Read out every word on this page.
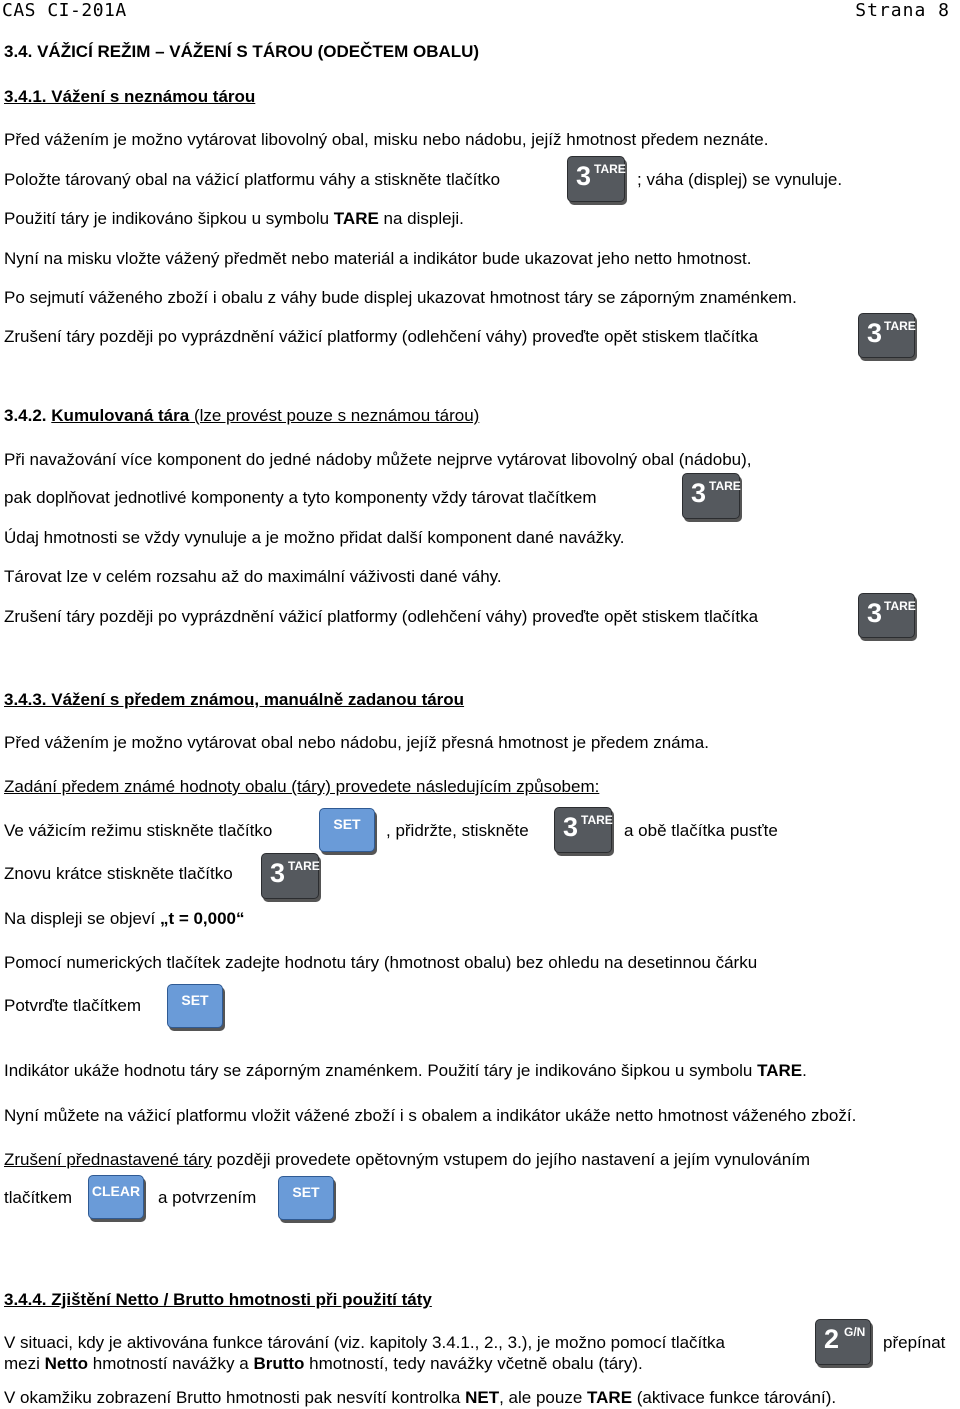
CAS CI-201A	Strana 8
3.4. VÁŽICÍ REŽIM – VÁŽENÍ S TÁROU (ODEČTEM OBALU)
3.4.1. Vážení s neznámou tárou
Před vážením je možno vytárovat libovolný obal, misku nebo nádobu, jejíž hmotnost předem neznáte.
Položte tárovaný obal na vážicí platformu váhy a stiskněte tlačítko	3 TARE
; váha (displej) se vynuluje.
Použití táry je indikováno šipkou u symbolu TARE na displeji.
Nyní na misku vložte vážený předmět nebo materiál a indikátor bude ukazovat jeho netto hmotnost.
Po sejmutí váženého zboží i obalu z váhy bude displej ukazovat hmotnost táry se záporným znaménkem.
Zrušení táry později po vyprázdnění vážicí platformy (odlehčení váhy) proveďte opět stiskem tlačítka	3 TARE
3.4.2. Kumulovaná tára (lze provést pouze s neznámou tárou)
Při navažování více komponent do jedné nádoby můžete nejprve vytárovat libovolný obal (nádobu),
pak doplňovat jednotlivé komponenty a tyto komponenty vždy tárovat tlačítkem	3 TARE
Údaj hmotnosti se vždy vynuluje a je možno přidat další komponent dané navážky.
Tárovat lze v celém rozsahu až do maximální váživosti dané váhy.
Zrušení táry později po vyprázdnění vážicí platformy (odlehčení váhy) proveďte opět stiskem tlačítka	3 TARE
3.4.3. Vážení s předem známou, manuálně zadanou tárou
Před vážením je možno vytárovat obal nebo nádobu, jejíž přesná hmotnost je předem známa.
Zadání předem známé hodnoty obalu (táry) provedete následujícím způsobem:
Ve vážicím režimu stiskněte tlačítko	SET	, přidržte, stiskněte 3 TARE
a obě tlačítka pusťte
Znovu krátce stiskněte tlačítko 3 TARE
Na displeji se objeví „t = 0,000“
Pomocí numerických tlačítek zadejte hodnotu táry (hmotnost obalu) bez ohledu na desetinnou čárku
Potvrďte tlačítkem	SET
Indikátor ukáže hodnotu táry se záporným znaménkem. Použití táry je indikováno šipkou u symbolu TARE.
Nyní můžete na vážicí platformu vložit vážené zboží i s obalem a indikátor ukáže netto hmotnost váženého zboží.
Zrušení přednastavené táry později provedete opětovným vstupem do jejího nastavení a jejím vynulováním
tlačítkem CLEAR a potvrzením	SET
3.4.4. Zjištění Netto / Brutto hmotnosti při použití táty
V situaci, kdy je aktivována funkce tárování (viz. kapitoly 3.4.1., 2., 3.), je možno pomocí tlačítka	2 G/N
přepínat
mezi Netto hmotností navážky a Brutto hmotností, tedy navážky včetně obalu (táry).
V okamžiku zobrazení Brutto hmotnosti pak nesvítí kontrolka NET, ale pouze TARE (aktivace funkce tárování).
